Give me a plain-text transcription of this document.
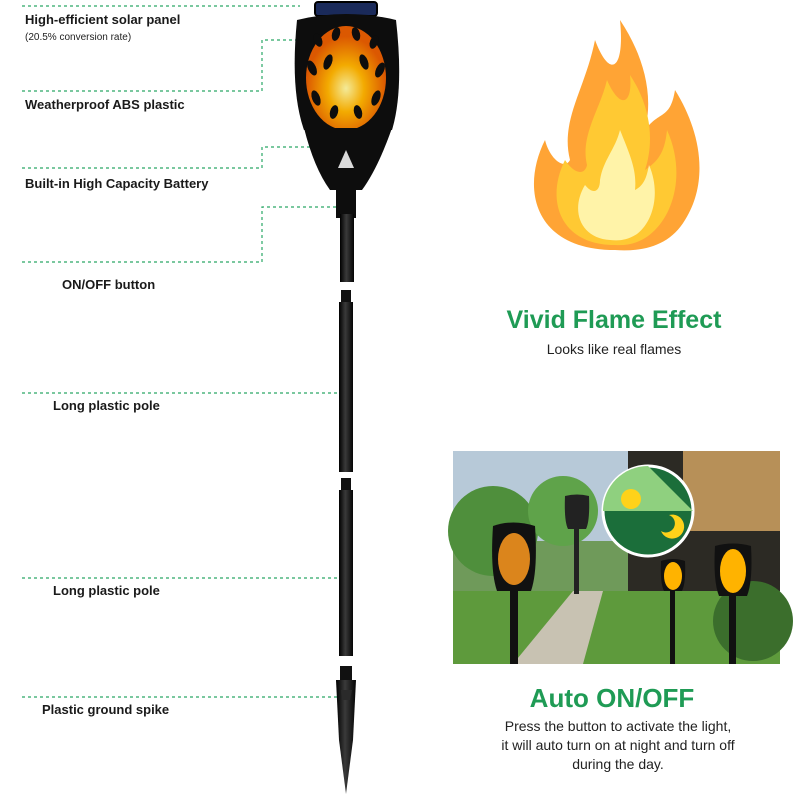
High-efficient solar panel
(20.5% conversion rate)
Weatherproof ABS plastic
Built-in High Capacity Battery
ON/OFF button
Long plastic pole
Long plastic pole
Plastic ground spike
Vivid Flame Effect
Looks like real flames
Auto ON/OFF
Press the button to activate the light,
it will auto turn on at night and turn off
during the day.
